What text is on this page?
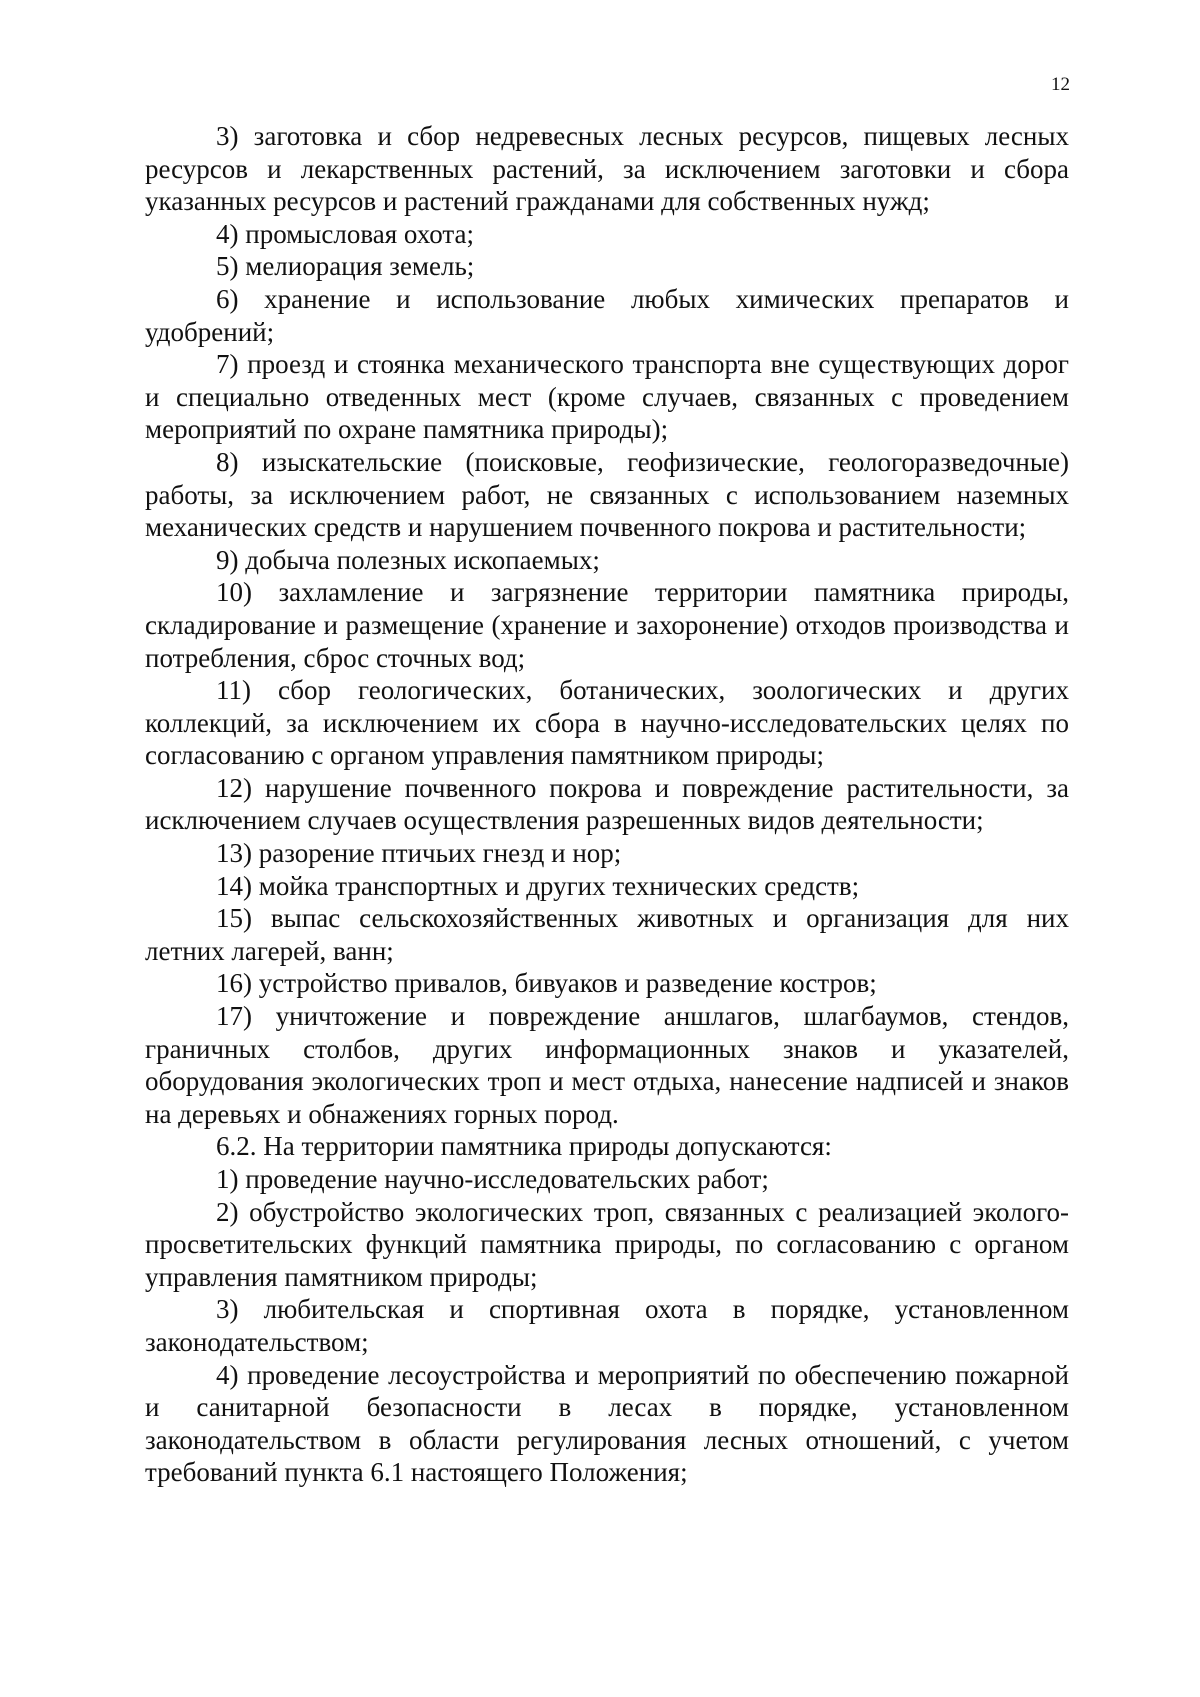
12

3) заготовка и сбор недревесных лесных ресурсов, пищевых лесных ресурсов и лекарственных растений, за исключением заготовки и сбора указанных ресурсов и растений гражданами для собственных нужд;

4) промысловая охота;

5) мелиорация земель;

6) хранение и использование любых химических препаратов и удобрений;

7) проезд и стоянка механического транспорта вне существующих дорог и специально отведенных мест (кроме случаев, связанных с проведением мероприятий по охране памятника природы);

8) изыскательские (поисковые, геофизические, геологоразведочные) работы, за исключением работ, не связанных с использованием наземных механических средств и нарушением почвенного покрова и растительности;

9) добыча полезных ископаемых;

10) захламление и загрязнение территории памятника природы, складирование и размещение (хранение и захоронение) отходов производства и потребления, сброс сточных вод;

11) сбор геологических, ботанических, зоологических и других коллекций, за исключением их сбора в научно-исследовательских целях по согласованию с органом управления памятником природы;

12) нарушение почвенного покрова и повреждение растительности, за исключением случаев осуществления разрешенных видов деятельности;

13) разорение птичьих гнезд и нор;

14) мойка транспортных и других технических средств;

15) выпас сельскохозяйственных животных и организация для них летних лагерей, ванн;

16) устройство привалов, бивуаков и разведение костров;

17) уничтожение и повреждение аншлагов, шлагбаумов, стендов, граничных столбов, других информационных знаков и указателей, оборудования экологических троп и мест отдыха, нанесение надписей и знаков на деревьях и обнажениях горных пород.

6.2. На территории памятника природы допускаются:

1) проведение научно-исследовательских работ;

2) обустройство экологических троп, связанных с реализацией эколого-просветительских функций памятника природы, по согласованию с органом управления памятником природы;

3) любительская и спортивная охота в порядке, установленном законодательством;

4) проведение лесоустройства и мероприятий по обеспечению пожарной и санитарной безопасности в лесах в порядке, установленном законодательством в области регулирования лесных отношений, с учетом требований пункта 6.1 настоящего Положения;
